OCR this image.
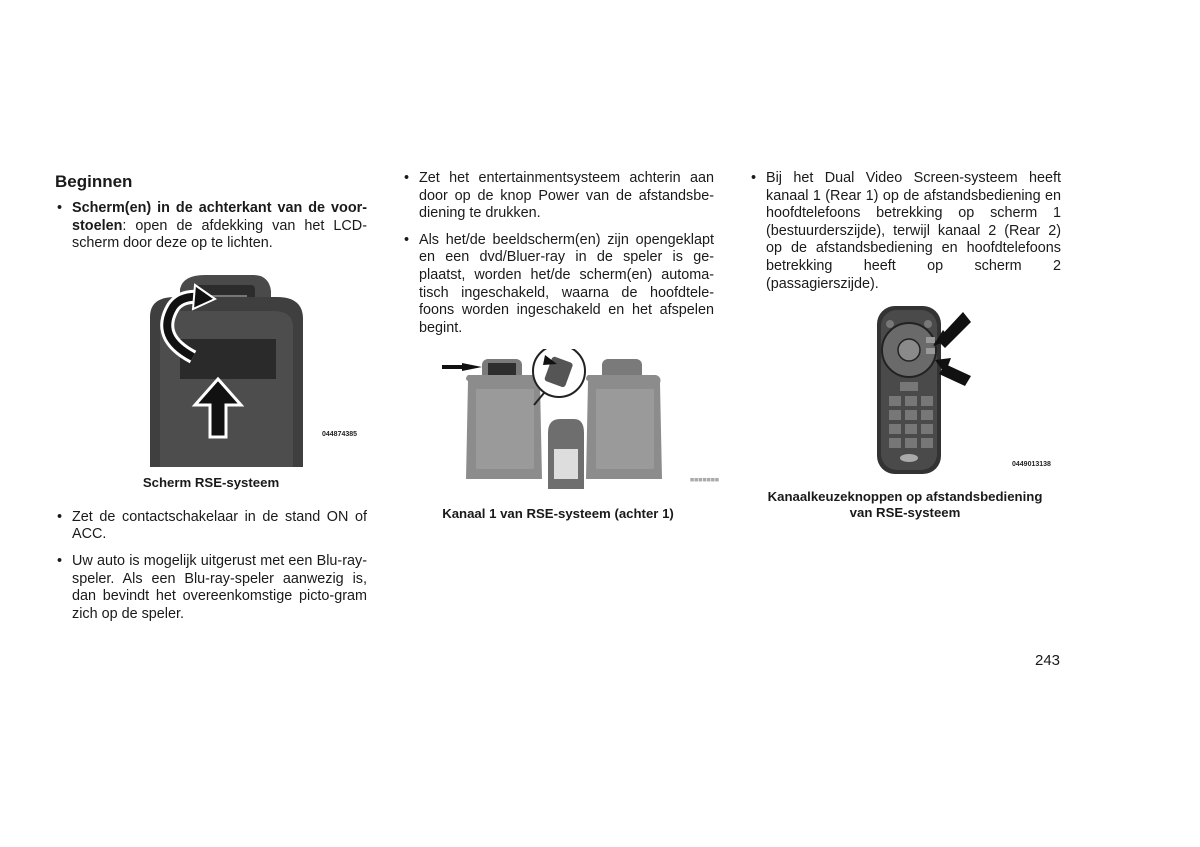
Beginnen
• Scherm(en) in de achterkant van de voor-stoelen: open de afdekking van het LCD-scherm door deze op te lichten.
044874385
Scherm RSE-systeem
• Zet de contactschakelaar in de stand ON of ACC.
• Uw auto is mogelijk uitgerust met een Blu-ray-speler. Als een Blu-ray-speler aanwezig is, dan bevindt het overeenkomstige picto-gram zich op de speler.
• Zet het entertainmentsysteem achterin aan door op de knop Power van de afstandsbe-diening te drukken.
• Als het/de beeldscherm(en) zijn opengeklapt en een dvd/Bluer-ray in de speler is ge-plaatst, worden het/de scherm(en) automa-tisch ingeschakeld, waarna de hoofdtele-foons worden ingeschakeld en het afspelen begint.
◼◼◼◼◼◼◼
Kanaal 1 van RSE-systeem (achter 1)
• Bij het Dual Video Screen-systeem heeft kanaal 1 (Rear 1) op de afstandsbediening en hoofdtelefoons betrekking op scherm 1 (bestuurderszijde), terwijl kanaal 2 (Rear 2) op de afstandsbediening en hoofdtelefoons betrekking heeft op scherm 2 (passagierszijde).
0449013138
Kanaalkeuzeknoppen op afstandsbediening van RSE-systeem
243
